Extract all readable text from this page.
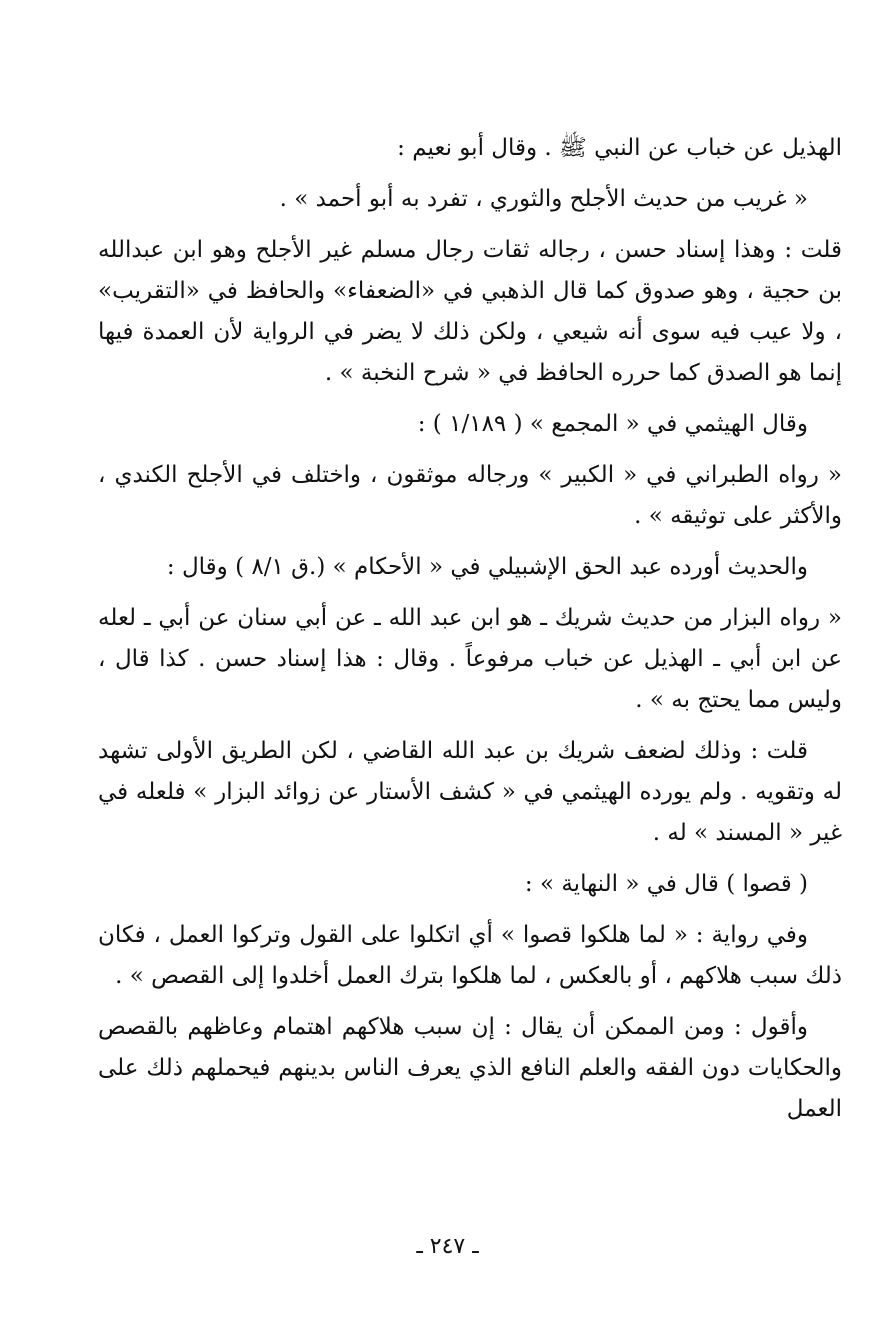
الهذيل عن خباب عن النبي ﷺ . وقال أبو نعيم :

« غريب من حديث الأجلح والثوري ، تفرد به أبو أحمد » .

قلت : وهذا إسناد حسن ، رجاله ثقات رجال مسلم غير الأجلح وهو ابن عبدالله بن حجية ، وهو صدوق كما قال الذهبي في «الضعفاء» والحافظ في «التقريب» ، ولا عيب فيه سوى أنه شيعي ، ولكن ذلك لا يضر في الرواية لأن العمدة فيها إنما هو الصدق كما حرره الحافظ في « شرح النخبة » .

وقال الهيثمي في « المجمع » ( ١/١٨٩ ) :

« رواه الطبراني في « الكبير » ورجاله موثقون ، واختلف في الأجلح الكندي ، والأكثر على توثيقه » .

والحديث أورده عبد الحق الإشبيلي في « الأحكام » (.ق ٨/١ ) وقال :

« رواه البزار من حديث شريك ـ هو ابن عبد الله ـ عن أبي سنان عن أبي ـ لعله عن ابن أبي ـ الهذيل عن خباب مرفوعاً . وقال : هذا إسناد حسن . كذا قال ، وليس مما يحتج به » .

قلت : وذلك لضعف شريك بن عبد الله القاضي ، لكن الطريق الأولى تشهد له وتقويه . ولم يورده الهيثمي في « كشف الأستار عن زوائد البزار » فلعله في غير « المسند » له .

( قصوا ) قال في « النهاية » :

وفي رواية : « لما هلكوا قصوا » أي اتكلوا على القول وتركوا العمل ، فكان ذلك سبب هلاكهم ، أو بالعكس ، لما هلكوا بترك العمل أخلدوا إلى القصص » .

وأقول : ومن الممكن أن يقال : إن سبب هلاكهم اهتمام وعاظهم بالقصص والحكايات دون الفقه والعلم النافع الذي يعرف الناس بدينهم فيحملهم ذلك على العمل

ـ ٢٤٧ ـ
